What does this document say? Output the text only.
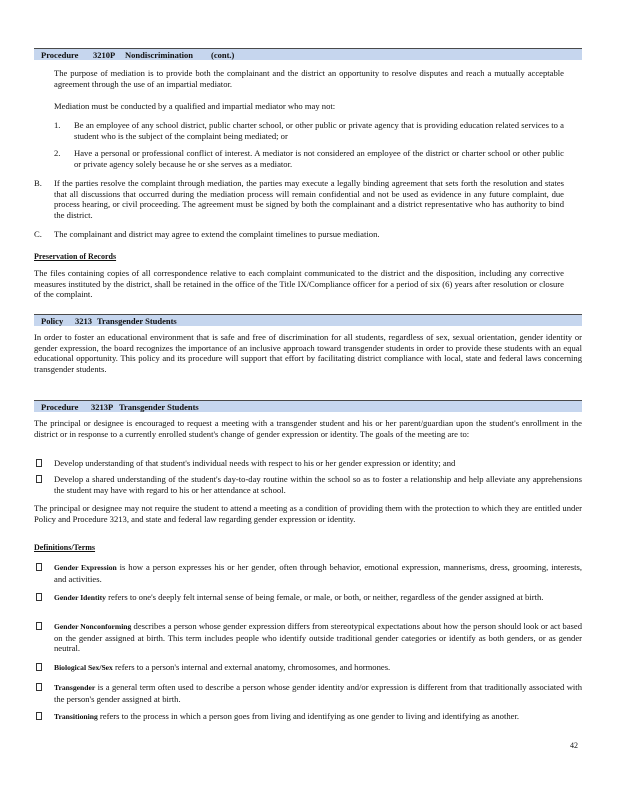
Procedure 3210P Nondiscrimination (cont.)
The purpose of mediation is to provide both the complainant and the district an opportunity to resolve disputes and reach a mutually acceptable agreement through the use of an impartial mediator.
Mediation must be conducted by a qualified and impartial mediator who may not:
1. Be an employee of any school district, public charter school, or other public or private agency that is providing education related services to a student who is the subject of the complaint being mediated; or
2. Have a personal or professional conflict of interest. A mediator is not considered an employee of the district or charter school or other public or private agency solely because he or she serves as a mediator.
B. If the parties resolve the complaint through mediation, the parties may execute a legally binding agreement that sets forth the resolution and states that all discussions that occurred during the mediation process will remain confidential and not be used as evidence in any future complaint, due process hearing, or civil proceeding. The agreement must be signed by both the complainant and a district representative who has authority to bind the district.
C. The complainant and district may agree to extend the complaint timelines to pursue mediation.
Preservation of Records
The files containing copies of all correspondence relative to each complaint communicated to the district and the disposition, including any corrective measures instituted by the district, shall be retained in the office of the Title IX/Compliance officer for a period of six (6) years after resolution or closure of the complaint.
Policy 3213 Transgender Students
In order to foster an educational environment that is safe and free of discrimination for all students, regardless of sex, sexual orientation, gender identity or gender expression, the board recognizes the importance of an inclusive approach toward transgender students in order to provide these students with an equal educational opportunity. This policy and its procedure will support that effort by facilitating district compliance with local, state and federal laws concerning transgender students.
Procedure 3213P Transgender Students
The principal or designee is encouraged to request a meeting with a transgender student and his or her parent/guardian upon the student's enrollment in the district or in response to a currently enrolled student's change of gender expression or identity. The goals of the meeting are to:
Develop understanding of that student's individual needs with respect to his or her gender expression or identity; and
Develop a shared understanding of the student's day-to-day routine within the school so as to foster a relationship and help alleviate any apprehensions the student may have with regard to his or her attendance at school.
The principal or designee may not require the student to attend a meeting as a condition of providing them with the protection to which they are entitled under Policy and Procedure 3213, and state and federal law regarding gender expression or identity.
Definitions/Terms
Gender Expression is how a person expresses his or her gender, often through behavior, emotional expression, mannerisms, dress, grooming, interests, and activities.
Gender Identity refers to one's deeply felt internal sense of being female, or male, or both, or neither, regardless of the gender assigned at birth.
Gender Nonconforming describes a person whose gender expression differs from stereotypical expectations about how the person should look or act based on the gender assigned at birth. This term includes people who identify outside traditional gender categories or identify as both genders, or as gender neutral.
Biological Sex/Sex refers to a person's internal and external anatomy, chromosomes, and hormones.
Transgender is a general term often used to describe a person whose gender identity and/or expression is different from that traditionally associated with the person's gender assigned at birth.
Transitioning refers to the process in which a person goes from living and identifying as one gender to living and identifying as another.
42
